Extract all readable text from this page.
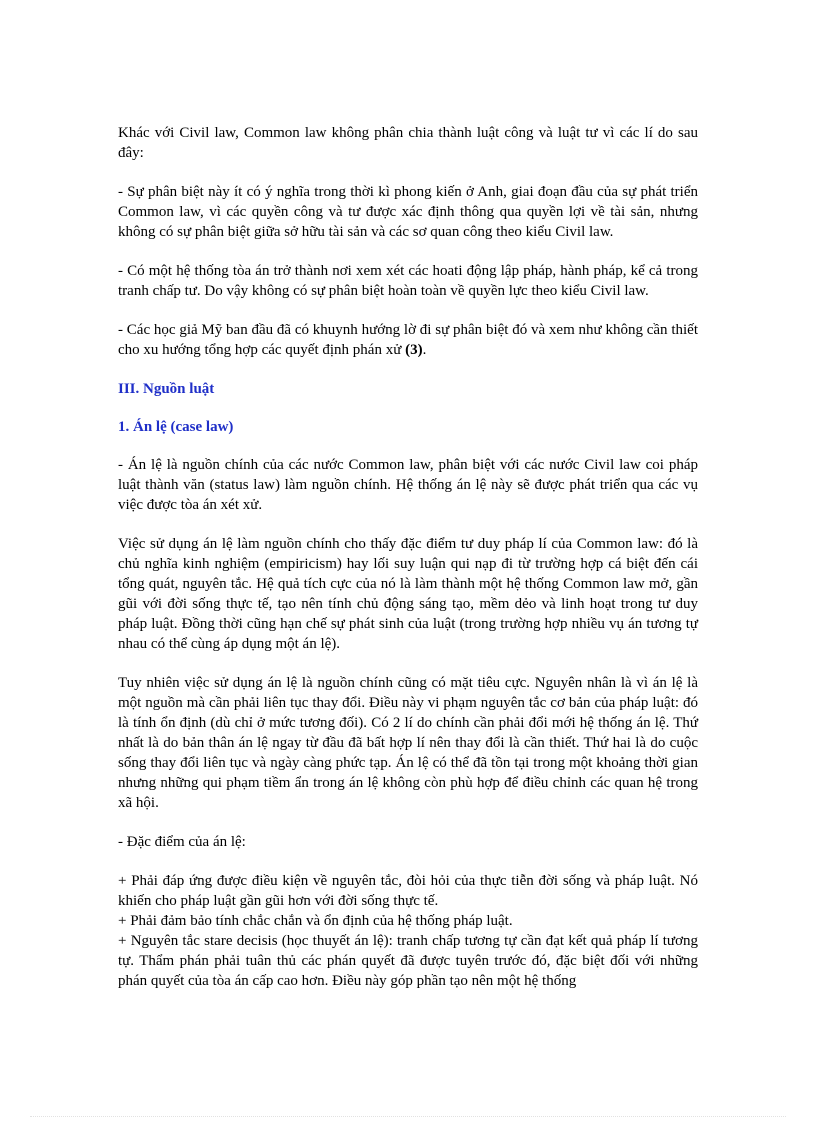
Khác với Civil law, Common law không phân chia thành luật công và luật tư vì các lí do sau đây:

- Sự phân biệt này ít có ý nghĩa trong thời kì phong kiến ở Anh, giai đoạn đầu của sự phát triển Common law, vì các quyền công và tư được xác định thông qua quyền lợi về tài sản, nhưng không có sự phân biệt giữa sở hữu tài sản và các sơ quan công theo kiểu Civil law.

- Có một hệ thống tòa án trở thành nơi xem xét các hoati động lập pháp, hành pháp, kể cả trong tranh chấp tư. Do vậy không có sự phân biệt hoàn toàn về quyền lực theo kiểu Civil law.

- Các học giả Mỹ ban đầu đã có khuynh hướng lờ đi sự phân biệt đó và xem như không cần thiết cho xu hướng tổng hợp các quyết định phán xử (3).

III. Nguồn luật
1. Án lệ (case law)

- Án lệ là nguồn chính của các nước Common law, phân biệt với các nước Civil law coi pháp luật thành văn (status law) làm nguồn chính. Hệ thống án lệ này sẽ được phát triển qua các vụ việc được tòa án xét xử.

Việc sử dụng án lệ làm nguồn chính cho thấy đặc điểm tư duy pháp lí của Common law: đó là chủ nghĩa kinh nghiệm (empiricism) hay lối suy luận qui nạp đi từ trường hợp cá biệt đến cái tổng quát, nguyên tắc. Hệ quả tích cực của nó là làm thành một hệ thống Common law mở, gần gũi với đời sống thực tế, tạo nên tính chủ động sáng tạo, mềm dẻo và linh hoạt trong tư duy pháp luật. Đồng thời cũng hạn chế sự phát sinh của luật (trong trường hợp nhiều vụ án tương tự nhau có thể cùng áp dụng một án lệ).

Tuy nhiên việc sử dụng án lệ là nguồn chính cũng có mặt tiêu cực. Nguyên nhân là vì án lệ là một nguồn mà cần phải liên tục thay đổi. Điều này vi phạm nguyên tắc cơ bản của pháp luật: đó là tính ổn định (dù chỉ ở mức tương đối). Có 2 lí do chính cần phải đổi mới hệ thống án lệ. Thứ nhất là do bản thân án lệ ngay từ đầu đã bất hợp lí nên thay đổi là cần thiết. Thứ hai là do cuộc sống thay đổi liên tục và ngày càng phức tạp. Án lệ có thể đã tồn tại trong một khoảng thời gian nhưng những qui phạm tiềm ẩn trong án lệ không còn phù hợp để điều chỉnh các quan hệ trong xã hội.

- Đặc điểm của án lệ:

+ Phải đáp ứng được điều kiện về nguyên tắc, đòi hỏi của thực tiễn đời sống và pháp luật. Nó khiến cho pháp luật gần gũi hơn với đời sống thực tế.

+ Phải đảm bảo tính chắc chắn và ổn định của hệ thống pháp luật.

+ Nguyên tắc stare decisis (học thuyết án lệ): tranh chấp tương tự cần đạt kết quả pháp lí tương tự. Thẩm phán phải tuân thủ các phán quyết đã được tuyên trước đó, đặc biệt đối với những phán quyết của tòa án cấp cao hơn. Điều này góp phần tạo nên một hệ thống
